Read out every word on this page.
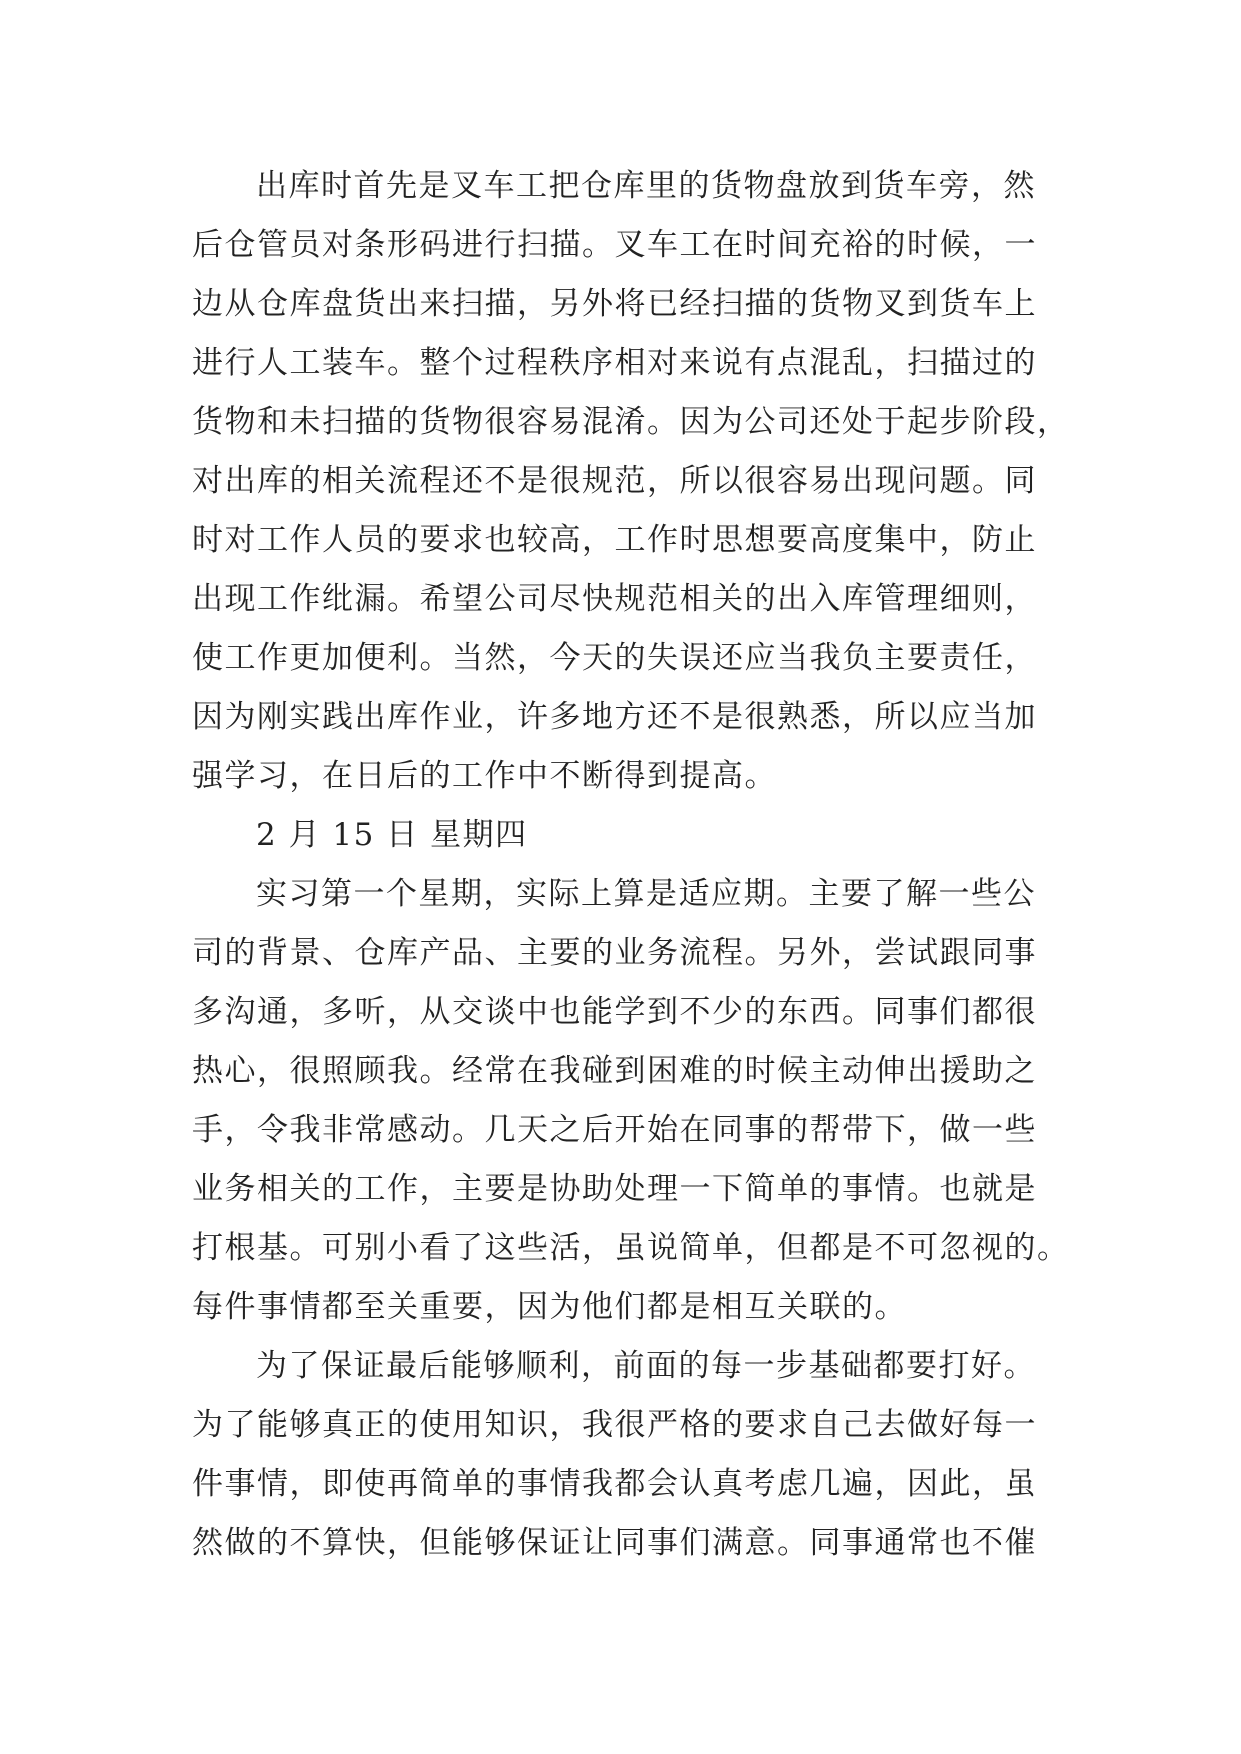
出库时首先是叉车工把仓库里的货物盘放到货车旁，然
后仓管员对条形码进行扫描。叉车工在时间充裕的时候，一
边从仓库盘货出来扫描，另外将已经扫描的货物叉到货车上
进行人工装车。整个过程秩序相对来说有点混乱，扫描过的
货物和未扫描的货物很容易混淆。因为公司还处于起步阶段，
对出库的相关流程还不是很规范，所以很容易出现问题。同
时对工作人员的要求也较高，工作时思想要高度集中，防止
出现工作纰漏。希望公司尽快规范相关的出入库管理细则，
使工作更加便利。当然，今天的失误还应当我负主要责任，
因为刚实践出库作业，许多地方还不是很熟悉，所以应当加
强学习，在日后的工作中不断得到提高。
2 月 15 日 星期四
实习第一个星期，实际上算是适应期。主要了解一些公
司的背景、仓库产品、主要的业务流程。另外，尝试跟同事
多沟通，多听，从交谈中也能学到不少的东西。同事们都很
热心，很照顾我。经常在我碰到困难的时候主动伸出援助之
手，令我非常感动。几天之后开始在同事的帮带下，做一些
业务相关的工作，主要是协助处理一下简单的事情。也就是
打根基。可别小看了这些活，虽说简单，但都是不可忽视的。
每件事情都至关重要，因为他们都是相互关联的。
为了保证最后能够顺利，前面的每一步基础都要打好。
为了能够真正的使用知识，我很严格的要求自己去做好每一
件事情，即使再简单的事情我都会认真考虑几遍，因此，虽
然做的不算快，但能够保证让同事们满意。同事通常也不催
